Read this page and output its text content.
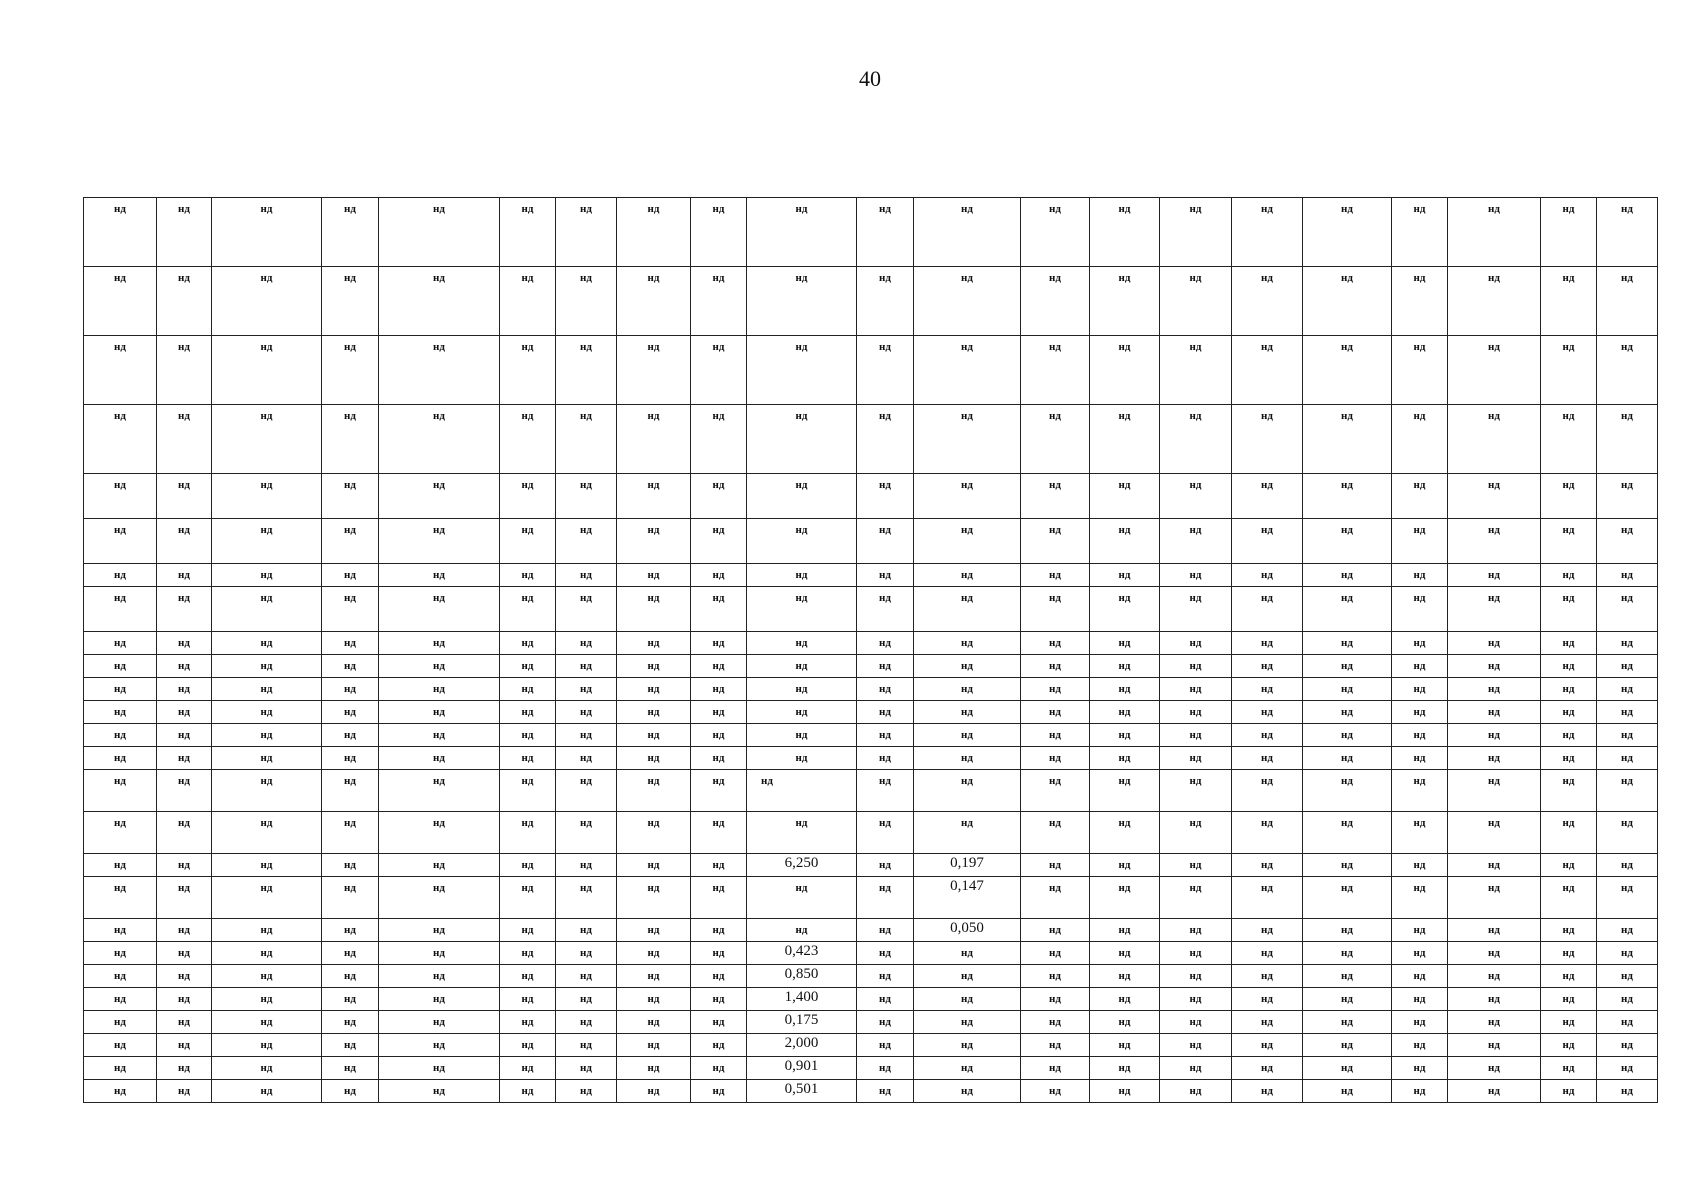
40
нд	нд	нд	нд	нд	нд	нд	нд	нд	нд	нд	нд	нд	нд	нд	нд	нд	нд	нд	нд	нд
нд	нд	нд	нд	нд	нд	нд	нд	нд	нд	нд	нд	нд	нд	нд	нд	нд	нд	нд	нд	нд
нд	нд	нд	нд	нд	нд	нд	нд	нд	нд	нд	нд	нд	нд	нд	нд	нд	нд	нд	нд	нд
нд	нд	нд	нд	нд	нд	нд	нд	нд	нд	нд	нд	нд	нд	нд	нд	нд	нд	нд	нд	нд
нд	нд	нд	нд	нд	нд	нд	нд	нд	нд	нд	нд	нд	нд	нд	нд	нд	нд	нд	нд	нд
нд	нд	нд	нд	нд	нд	нд	нд	нд	нд	нд	нд	нд	нд	нд	нд	нд	нд	нд	нд	нд
нд	нд	нд	нд	нд	нд	нд	нд	нд	нд	нд	нд	нд	нд	нд	нд	нд	нд	нд	нд	нд
нд	нд	нд	нд	нд	нд	нд	нд	нд	нд	нд	нд	нд	нд	нд	нд	нд	нд	нд	нд	нд
нд	нд	нд	нд	нд	нд	нд	нд	нд	нд	нд	нд	нд	нд	нд	нд	нд	нд	нд	нд	нд
нд	нд	нд	нд	нд	нд	нд	нд	нд	нд	нд	нд	нд	нд	нд	нд	нд	нд	нд	нд	нд
нд	нд	нд	нд	нд	нд	нд	нд	нд	нд	нд	нд	нд	нд	нд	нд	нд	нд	нд	нд	нд
нд	нд	нд	нд	нд	нд	нд	нд	нд	нд	нд	нд	нд	нд	нд	нд	нд	нд	нд	нд	нд
нд	нд	нд	нд	нд	нд	нд	нд	нд	нд	нд	нд	нд	нд	нд	нд	нд	нд	нд	нд	нд
нд	нд	нд	нд	нд	нд	нд	нд	нд	нд	нд	нд	нд	нд	нд	нд	нд	нд	нд	нд	нд
нд	нд	нд	нд	нд	нд	нд	нд	нд	нд	нд	нд	нд	нд	нд	нд	нд	нд	нд	нд	нд
нд	нд	нд	нд	нд	нд	нд	нд	нд	нд	нд	нд	нд	нд	нд	нд	нд	нд	нд	нд	нд
нд	нд	нд	нд	нд	нд	нд	нд	нд	6,250	нд	0,197	нд	нд	нд	нд	нд	нд	нд	нд	нд
нд	нд	нд	нд	нд	нд	нд	нд	нд	нд	нд	0,147	нд	нд	нд	нд	нд	нд	нд	нд	нд
нд	нд	нд	нд	нд	нд	нд	нд	нд	нд	нд	0,050	нд	нд	нд	нд	нд	нд	нд	нд	нд
нд	нд	нд	нд	нд	нд	нд	нд	нд	0,423	нд	нд	нд	нд	нд	нд	нд	нд	нд	нд	нд
нд	нд	нд	нд	нд	нд	нд	нд	нд	0,850	нд	нд	нд	нд	нд	нд	нд	нд	нд	нд	нд
нд	нд	нд	нд	нд	нд	нд	нд	нд	1,400	нд	нд	нд	нд	нд	нд	нд	нд	нд	нд	нд
нд	нд	нд	нд	нд	нд	нд	нд	нд	0,175	нд	нд	нд	нд	нд	нд	нд	нд	нд	нд	нд
нд	нд	нд	нд	нд	нд	нд	нд	нд	2,000	нд	нд	нд	нд	нд	нд	нд	нд	нд	нд	нд
нд	нд	нд	нд	нд	нд	нд	нд	нд	0,901	нд	нд	нд	нд	нд	нд	нд	нд	нд	нд	нд
нд	нд	нд	нд	нд	нд	нд	нд	нд	0,501	нд	нд	нд	нд	нд	нд	нд	нд	нд	нд	нд
